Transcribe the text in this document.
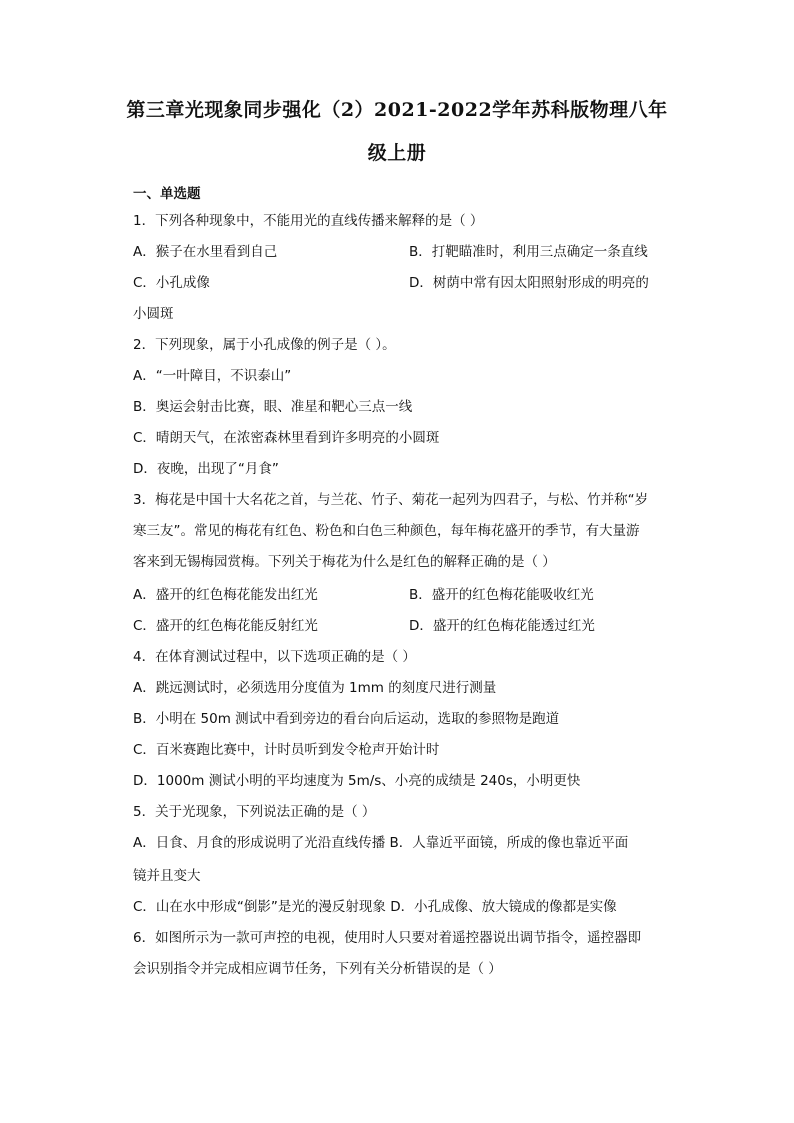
第三章光现象同步强化（2）2021-2022学年苏科版物理八年
级上册
一、单选题
1．下列各种现象中，不能用光的直线传播来解释的是（ ）
A．猴子在水里看到自己	B．打靶瞄准时，利用三点确定一条直线
C．小孔成像	D．树荫中常有因太阳照射形成的明亮的
小圆斑
2．下列现象，属于小孔成像的例子是（ ）。
A．“一叶障目，不识泰山”
B．奥运会射击比赛，眼、准星和靶心三点一线
C．晴朗天气，在浓密森林里看到许多明亮的小圆斑
D．夜晚，出现了“月食”
3．梅花是中国十大名花之首，与兰花、竹子、菊花一起列为四君子，与松、竹并称“岁
寒三友”。常见的梅花有红色、粉色和白色三种颜色，每年梅花盛开的季节，有大量游
客来到无锡梅园赏梅。下列关于梅花为什么是红色的解释正确的是（ ）
A．盛开的红色梅花能发出红光	B．盛开的红色梅花能吸收红光
C．盛开的红色梅花能反射红光	D．盛开的红色梅花能透过红光
4．在体育测试过程中，以下选项正确的是（ ）
A．跳远测试时，必须选用分度值为 1mm 的刻度尺进行测量
B．小明在 50m 测试中看到旁边的看台向后运动，选取的参照物是跑道
C．百米赛跑比赛中，计时员听到发令枪声开始计时
D．1000m 测试小明的平均速度为 5m/s、小亮的成绩是 240s，小明更快
5．关于光现象，下列说法正确的是（ ）
A．日食、月食的形成说明了光沿直线传播 B．人靠近平面镜，所成的像也靠近平面
镜并且变大
C．山在水中形成“倒影”是光的漫反射现象 D．小孔成像、放大镜成的像都是实像
6．如图所示为一款可声控的电视，使用时人只要对着遥控器说出调节指令，遥控器即
会识别指令并完成相应调节任务，下列有关分析错误的是（ ）
